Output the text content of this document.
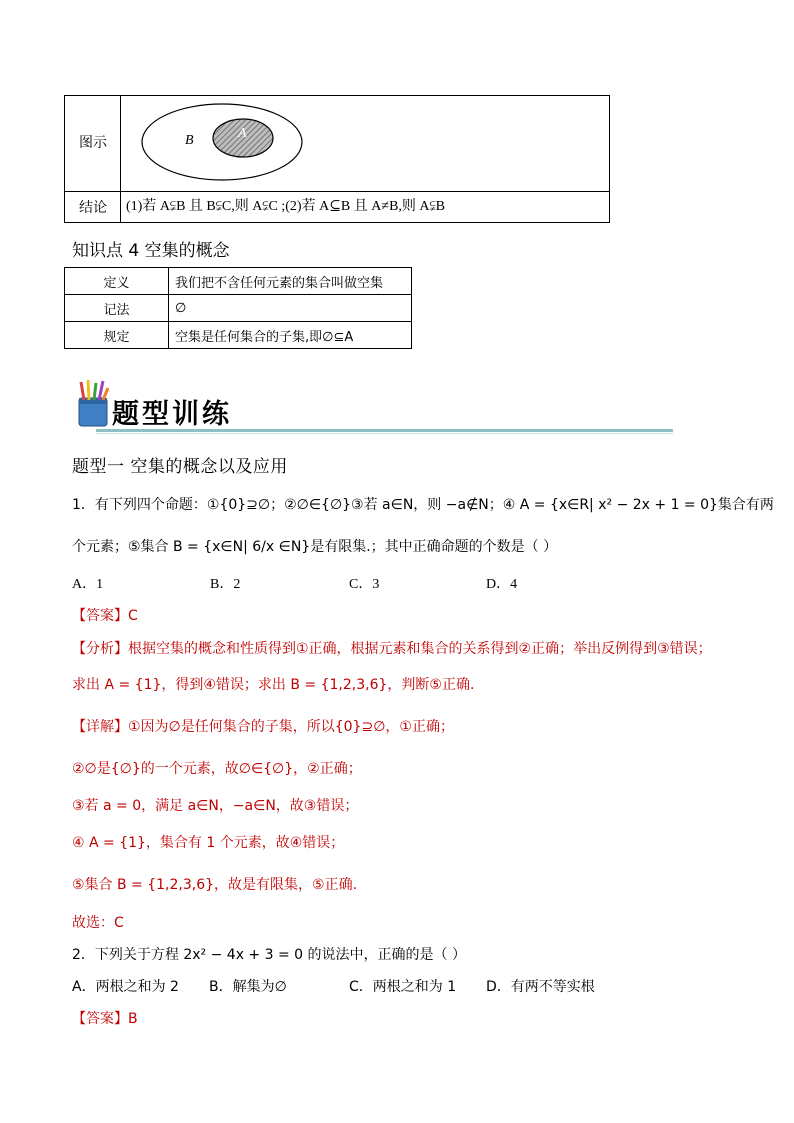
图示	B	A
结论 (1)若 A⫋B 且 B⫋C,则 A⫋C ;(2)若 A⊆B 且 A≠B,则 A⫋B
知识点 4 空集的概念
定义	我们把不含任何元素的集合叫做空集
记法	∅
规定	空集是任何集合的子集,即∅⊆A
题型训练
题型一 空集的概念以及应用
1．有下列四个命题：①{0}⊇∅；②∅∈{∅}③若 a∈N，则 −a∉N；④ A = {x∈R| x² − 2x + 1 = 0}集合有两
个元素；⑤集合 B = {x∈N| 6/x ∈N}是有限集.；其中正确命题的个数是（ ）
A．1	B．2	C．3	D．4
【答案】C
【分析】根据空集的概念和性质得到①正确，根据元素和集合的关系得到②正确；举出反例得到③错误；
求出 A = {1}，得到④错误；求出 B = {1,2,3,6}，判断⑤正确.
【详解】①因为∅是任何集合的子集，所以{0}⊇∅，①正确；
②∅是{∅}的一个元素，故∅∈{∅}，②正确；
③若 a = 0，满足 a∈N，−a∈N，故③错误；
④ A = {1}，集合有 1 个元素，故④错误；
⑤集合 B = {1,2,3,6}，故是有限集，⑤正确.
故选：C
2．下列关于方程 2x² − 4x + 3 = 0 的说法中，正确的是（ ）
A．两根之和为 2 B．解集为∅	C．两根之和为 1 D．有两不等实根
【答案】B
